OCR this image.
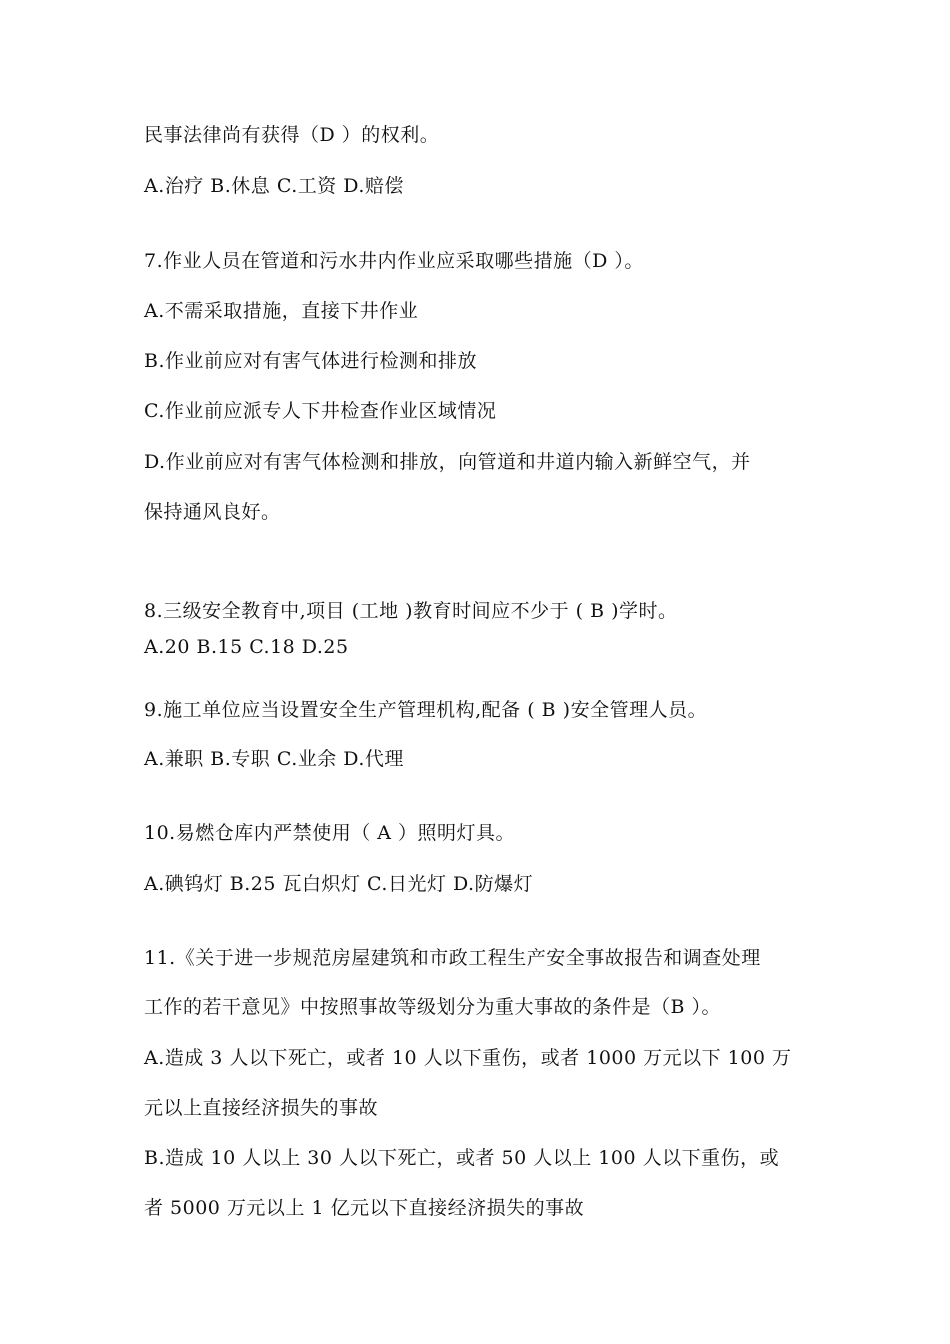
民事法律尚有获得（D ）的权利。
A.治疗 B.休息 C.工资 D.赔偿
7.作业人员在管道和污水井内作业应采取哪些措施（D ）。
A.不需采取措施，直接下井作业
B.作业前应对有害气体进行检测和排放
C.作业前应派专人下井检查作业区域情况
D.作业前应对有害气体检测和排放，向管道和井道内输入新鲜空气，并
保持通风良好。
8.三级安全教育中,项目 (工地 )教育时间应不少于 ( B )学时。
A.20 B.15 C.18 D.25
9.施工单位应当设置安全生产管理机构,配备 ( B )安全管理人员。
A.兼职 B.专职 C.业余 D.代理
10.易燃仓库内严禁使用（ A ）照明灯具。
A.碘钨灯 B.25 瓦白炽灯 C.日光灯 D.防爆灯
11.《关于进一步规范房屋建筑和市政工程生产安全事故报告和调查处理
工作的若干意见》中按照事故等级划分为重大事故的条件是（B ）。
A.造成 3 人以下死亡，或者 10 人以下重伤，或者 1000 万元以下 100 万
元以上直接经济损失的事故
B.造成 10 人以上 30 人以下死亡，或者 50 人以上 100 人以下重伤，或
者 5000 万元以上 1 亿元以下直接经济损失的事故
